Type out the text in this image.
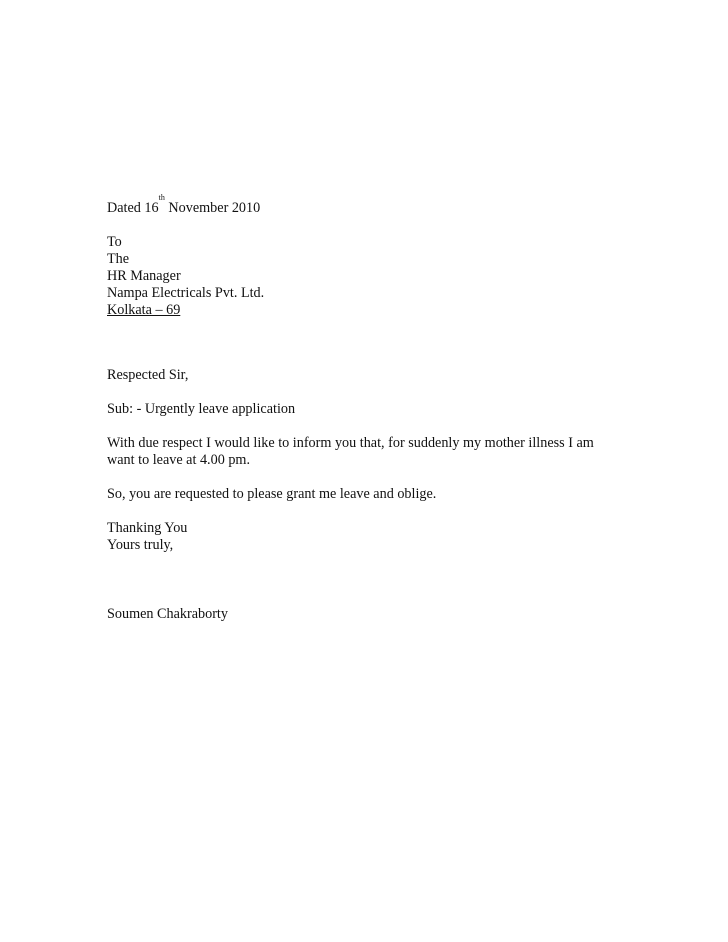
Dated 16th November 2010
To
The
HR Manager
Nampa Electricals Pvt. Ltd.
Kolkata – 69
Respected Sir,
Sub: - Urgently leave application
With due respect I would like to inform you that, for suddenly my mother illness I am
want to leave at 4.00 pm.
So, you are requested to please grant me leave and oblige.
Thanking You
Yours truly,
Soumen Chakraborty
